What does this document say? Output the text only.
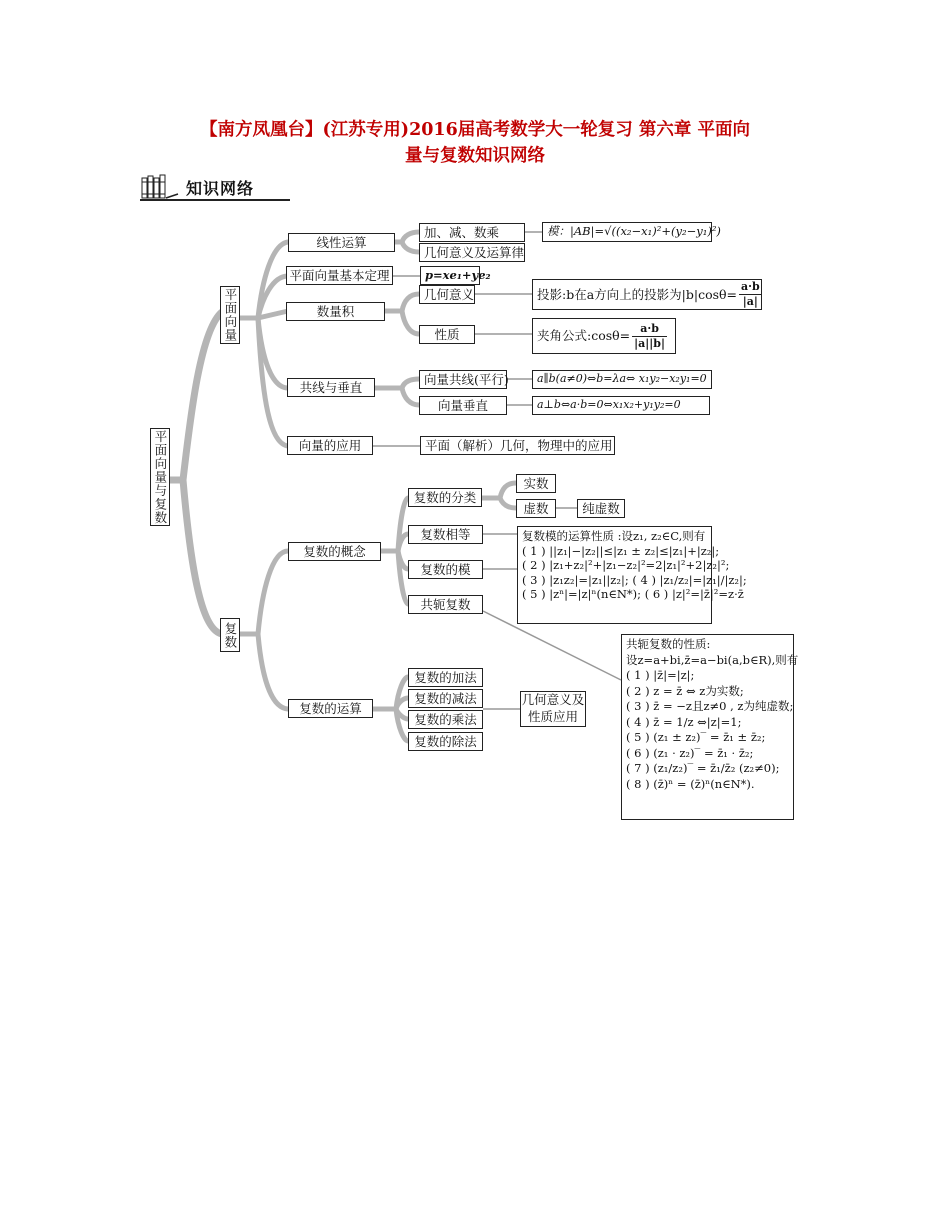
【南方凤凰台】(江苏专用)2016届高考数学大一轮复习 第六章 平面向
量与复数知识网络
知识网络
平面向量与复数
平面向量
复数
线性运算
加、减、数乘
几何意义及运算律
模：|AB|=√((x₂−x₁)²+(y₂−y₁)²)
平面向量基本定理	p=xe₁+ye₂
数量积
几何意义
性质
投影:b在a方向上的投影为$|b|\cos\theta= \frac{a\cdot b}{|a|}$
夹角公式:cosθ= $\frac{a\cdot b}{|a||b|}$
共线与垂直
向量共线(平行)
向量垂直
a∥b(a≠0)⇔b=λa⇔ x₁y₂−x₂y₁=0
a⊥b⇔a·b=0⇔x₁x₂+y₁y₂=0
向量的应用	平面（解析）几何，物理中的应用
复数的概念
复数的分类
实数
虚数	纯虚数
复数相等
复数的模
共轭复数
复数模的运算性质 :设z₁, z₂∈C,则有
( 1 ) ||z₁|−|z₂||≤|z₁ ± z₂|≤|z₁|+|z₂|;
( 2 ) |z₁+z₂|²+|z₁−z₂|²=2|z₁|²+2|z₂|²;
( 3 ) |z₁z₂|=|z₁||z₂|; ( 4 ) |z₁/z₂|=|z₁|/|z₂|;
( 5 ) |zⁿ|=|z|ⁿ(n∈N*); ( 6 ) |z|²=|z̄|²=z·z̄
共轭复数的性质:
设z=a+bi,z̄=a−bi(a,b∈R),则有
( 1 ) |z̄|=|z|;
( 2 ) z = z̄ ⇔ z为实数;
( 3 ) z̄ = −z且z≠0 , z为纯虚数;
( 4 ) z̄ = 1/z ⇔|z|=1;
( 5 ) (z₁ ± z₂)‾ = z̄₁ ± z̄₂;
( 6 ) (z₁ · z₂)‾ = z̄₁ · z̄₂;
( 7 ) (z₁/z₂)‾ = z̄₁/z̄₂ (z₂≠0);
( 8 ) (z̄)ⁿ = (z̄)ⁿ(n∈N*).
复数的运算
复数的加法
复数的减法
复数的乘法
复数的除法
几何意义及性质应用
